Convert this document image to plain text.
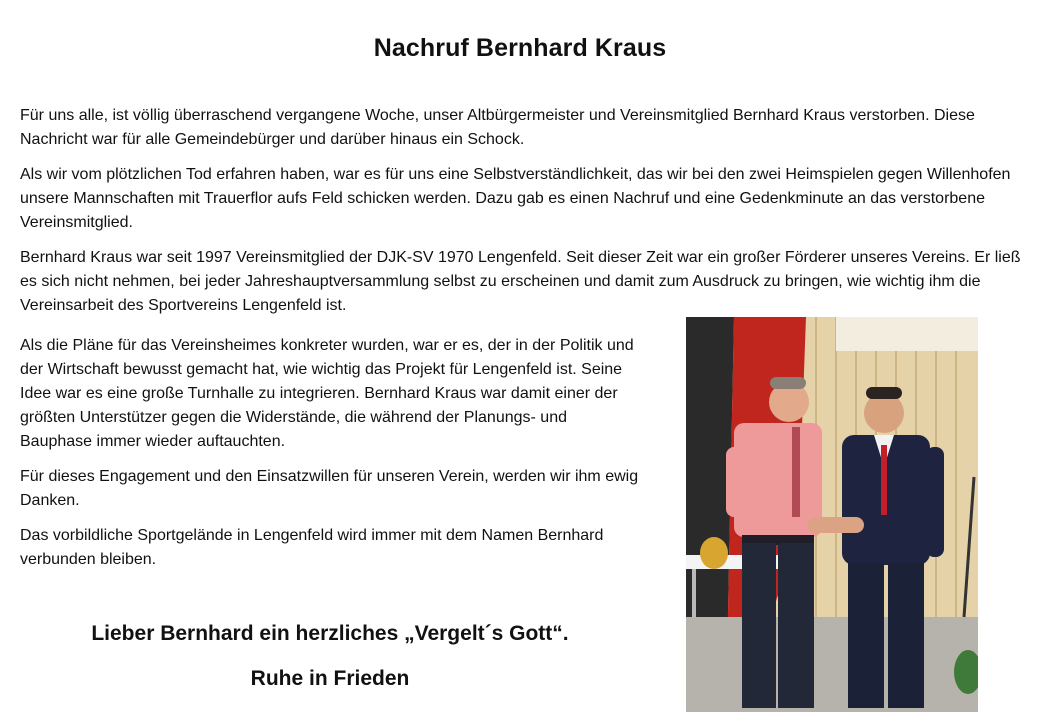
Nachruf Bernhard Kraus

Für uns alle, ist völlig überraschend vergangene Woche, unser Altbürgermeister und Vereinsmitglied Bernhard Kraus verstorben. Diese Nachricht war für alle Gemeindebürger und darüber hinaus ein Schock.

Als wir vom plötzlichen Tod erfahren haben, war es für uns eine Selbstverständlichkeit, das wir bei den zwei Heimspielen gegen Willenhofen unsere Mannschaften mit Trauerflor aufs Feld schicken werden. Dazu gab es einen Nachruf und eine Gedenkminute an das verstorbene Vereinsmitglied.

Bernhard Kraus war seit 1997 Vereinsmitglied der DJK-SV 1970 Lengenfeld. Seit dieser Zeit war ein großer Förderer unseres Vereins. Er ließ es sich nicht nehmen, bei jeder Jahreshauptversammlung selbst zu erscheinen und damit zum Ausdruck zu bringen, wie wichtig ihm die Vereinsarbeit des Sportvereins Lengenfeld ist.

Als die Pläne für das Vereinsheimes konkreter wurden, war er es, der in der Politik und der Wirtschaft bewusst gemacht hat, wie wichtig das Projekt für Lengenfeld ist. Seine Idee war es eine große Turnhalle zu integrieren. Bernhard Kraus war damit einer der größten Unterstützer gegen die Widerstände, die während der Planungs- und Bauphase immer wieder auftauchten.

Für dieses Engagement und den Einsatzwillen für unseren Verein, werden wir ihm ewig Danken.

Das vorbildliche Sportgelände in Lengenfeld wird immer mit dem Namen Bernhard verbunden bleiben.

Lieber Bernhard ein herzliches „Vergelt´s Gott“.

Ruhe in Frieden
